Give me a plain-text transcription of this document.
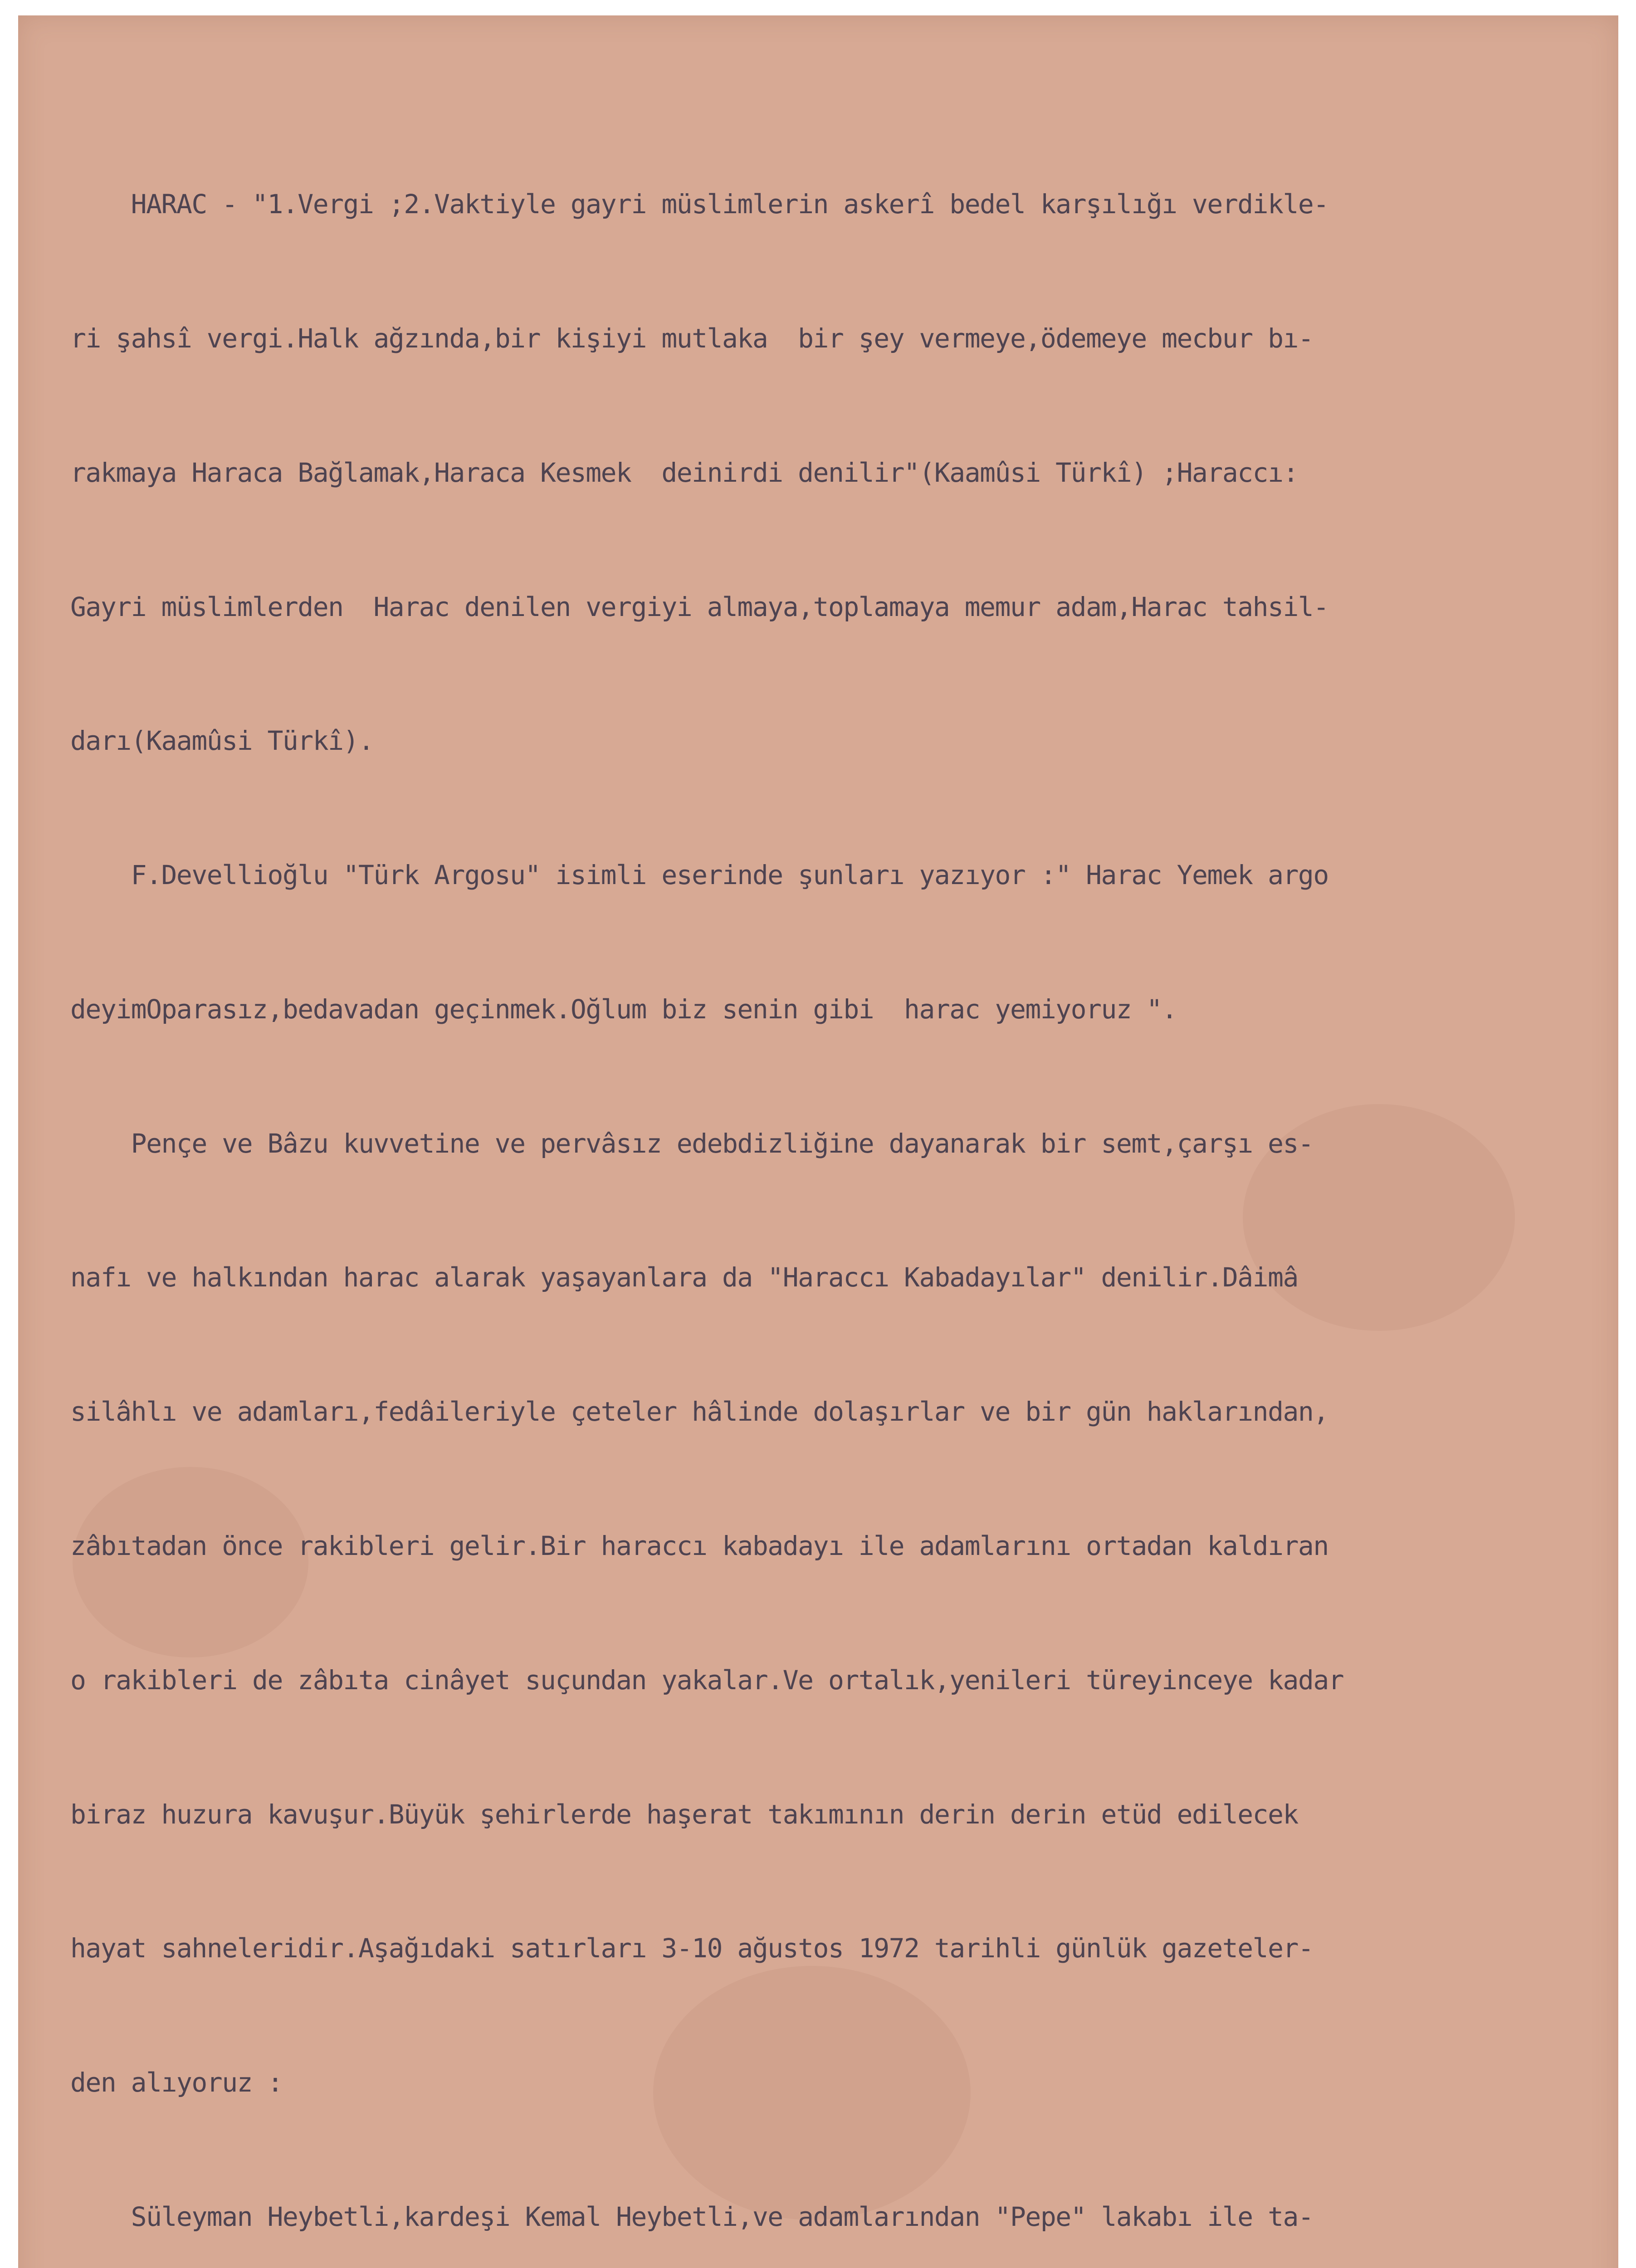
HARAC - "1.Vergi ;2.Vaktiyle gayri müslimlerin askerî bedel karşılığı verdikle-

ri şahsî vergi.Halk ağzında,bir kişiyi mutlaka  bir şey vermeye,ödemeye mecbur bı-

rakmaya Haraca Bağlamak,Haraca Kesmek  deinirdi denilir"(Kaamûsi Türkî) ;Haraccı:

Gayri müslimlerden  Harac denilen vergiyi almaya,toplamaya memur adam,Harac tahsil-

darı(Kaamûsi Türkî).

F.Devellioğlu "Türk Argosu" isimli eserinde şunları yazıyor :" Harac Yemek argo

deyimOparasız,bedavadan geçinmek.Oğlum biz senin gibi  harac yemiyoruz ".

Pençe ve Bâzu kuvvetine ve pervâsız edebdizliğine dayanarak bir semt,çarşı es-

nafı ve halkından harac alarak yaşayanlara da "Haraccı Kabadayılar" denilir.Dâimâ

silâhlı ve adamları,fedâileriyle çeteler hâlinde dolaşırlar ve bir gün haklarından,

zâbıtadan önce rakibleri gelir.Bir haraccı kabadayı ile adamlarını ortadan kaldıran

o rakibleri de zâbıta cinâyet suçundan yakalar.Ve ortalık,yenileri türeyinceye kadar

biraz huzura kavuşur.Büyük şehirlerde haşerat takımının derin derin etüd edilecek

hayat sahneleridir.Aşağıdaki satırları 3-10 ağustos 1972 tarihli günlük gazeteler-

den alıyoruz :

Süleyman Heybetli,kardeşi Kemal Heybetli,ve adamlarından "Pepe" lakabı ile ta-
